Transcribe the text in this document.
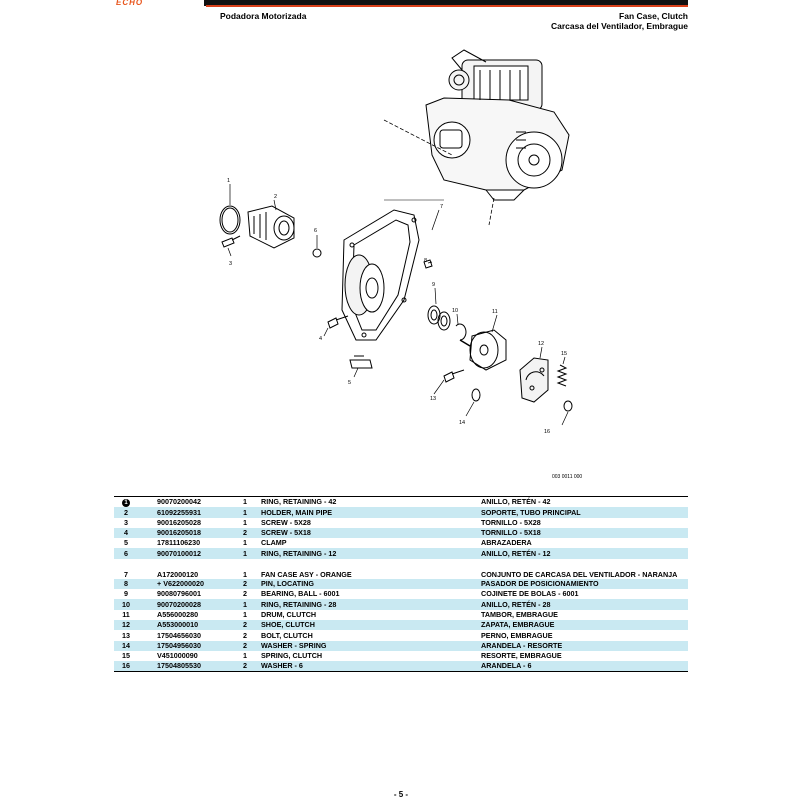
ECHO
Podadora Motorizada	Fan Case, Clutch
Carcasa del Ventilador, Embrague
1
2
3
4
5
6
7
8
9
10	11
12
13
14
15
16
003 0011 000
1	90070200042	1	RING, RETAINING - 42	ANILLO, RETÉN - 42
2	61092255931	1	HOLDER, MAIN PIPE	SOPORTE, TUBO PRINCIPAL
3	90016205028	1	SCREW - 5X28	TORNILLO - 5X28
4	90016205018	2	SCREW - 5X18	TORNILLO - 5X18
5	17811106230	1	CLAMP	ABRAZADERA
6	90070100012	1	RING, RETAINING - 12	ANILLO, RETÉN - 12
7	A172000120	1	FAN CASE ASY - ORANGE	CONJUNTO DE CARCASA DEL VENTILADOR - NARANJA
8	+ V622000020	2	PIN, LOCATING	PASADOR DE POSICIONAMIENTO
9	90080796001	2	BEARING, BALL - 6001	COJINETE DE BOLAS - 6001
10	90070200028	1	RING, RETAINING - 28	ANILLO, RETÉN - 28
11	A556000280	1	DRUM, CLUTCH	TAMBOR, EMBRAGUE
12	A553000010	2	SHOE, CLUTCH	ZAPATA, EMBRAGUE
13	17504656030	2	BOLT, CLUTCH	PERNO, EMBRAGUE
14	17504956030	2	WASHER - SPRING	ARANDELA - RESORTE
15	V451000090	1	SPRING, CLUTCH	RESORTE, EMBRAGUE
16	17504805530	2	WASHER - 6	ARANDELA - 6
- 5 -
